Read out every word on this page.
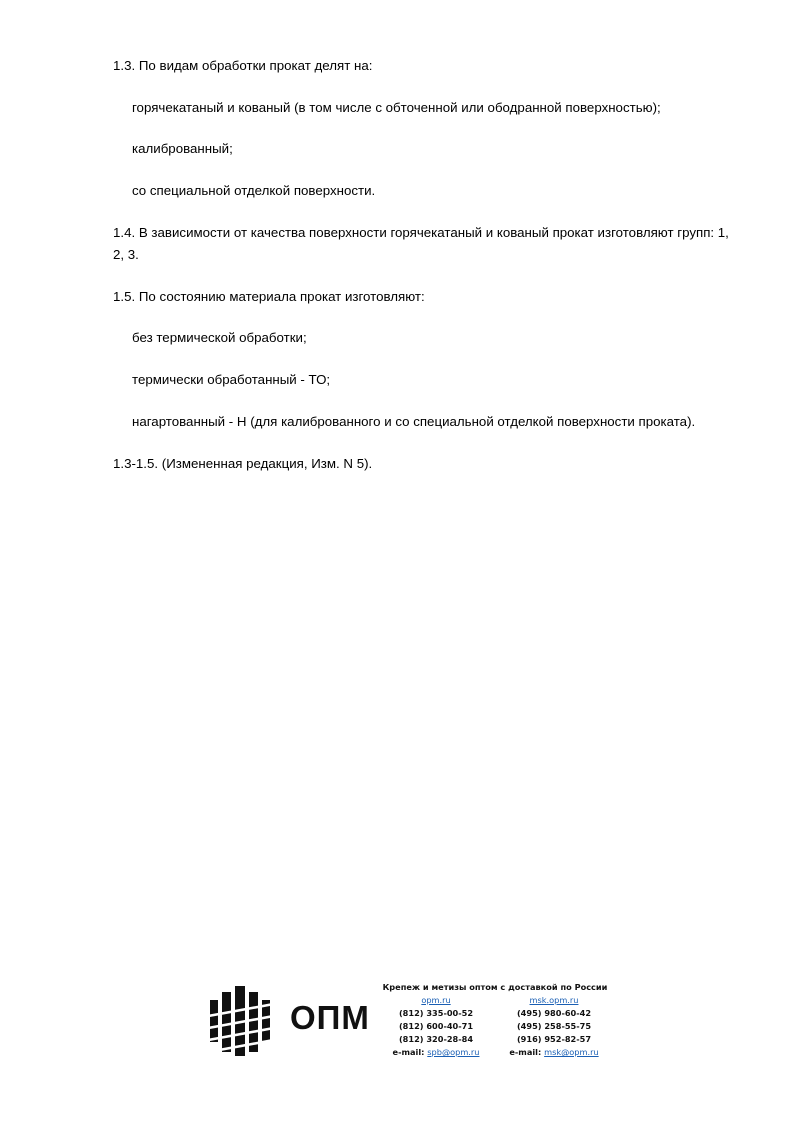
1.3. По видам обработки прокат делят на:

горячекатаный и кованый (в том числе с обточенной или ободранной поверхностью);

калиброванный;

со специальной отделкой поверхности.

1.4. В зависимости от качества поверхности горячекатаный и кованый прокат изготовляют групп: 1, 2, 3.

1.5. По состоянию материала прокат изготовляют:

без термической обработки;

термически обработанный - ТО;

нагартованный - Н (для калиброванного и со специальной отделкой поверхности проката).

1.3-1.5. (Измененная редакция, Изм. N 5).

ОПМ
Крепеж и метизы оптом с доставкой по России
opm.ru
(812) 335-00-52
(812) 600-40-71
(812) 320-28-84
e-mail: spb@opm.ru
msk.opm.ru
(495) 980-60-42
(495) 258-55-75
(916) 952-82-57
e-mail: msk@opm.ru
